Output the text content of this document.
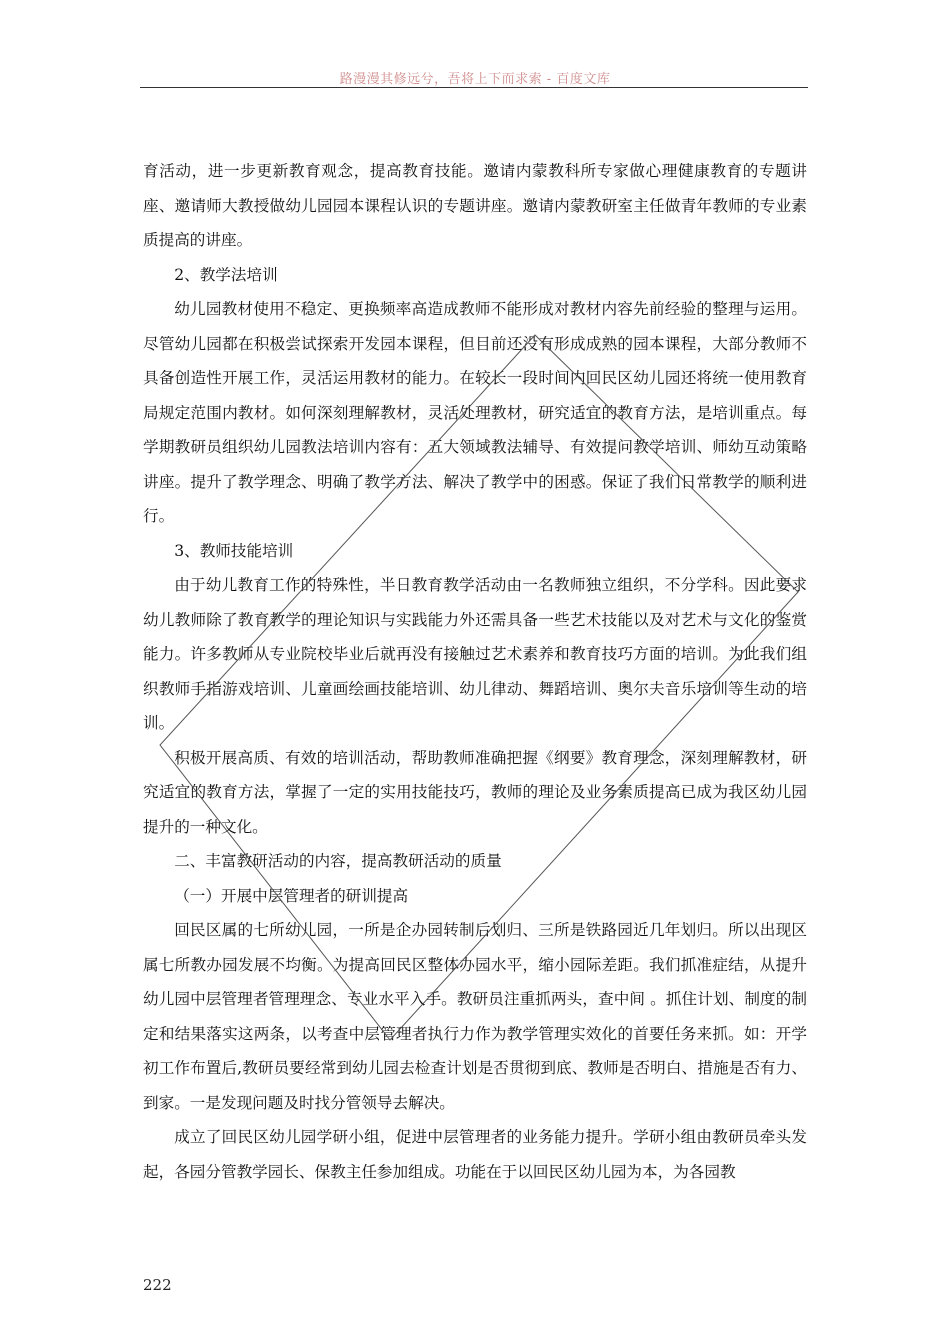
路漫漫其修远兮，吾将上下而求索 - 百度文库

育活动，进一步更新教育观念，提高教育技能。邀请内蒙教科所专家做心理健康教育的专题讲座、邀请师大教授做幼儿园园本课程认识的专题讲座。邀请内蒙教研室主任做青年教师的专业素质提高的讲座。

2、教学法培训

幼儿园教材使用不稳定、更换频率高造成教师不能形成对教材内容先前经验的整理与运用。尽管幼儿园都在积极尝试探索开发园本课程，但目前还没有形成成熟的园本课程，大部分教师不具备创造性开展工作，灵活运用教材的能力。在较长一段时间内回民区幼儿园还将统一使用教育局规定范围内教材。如何深刻理解教材，灵活处理教材，研究适宜的教育方法，是培训重点。每学期教研员组织幼儿园教法培训内容有：五大领域教法辅导、有效提问教学培训、师幼互动策略讲座。提升了教学理念、明确了教学方法、解决了教学中的困惑。保证了我们日常教学的顺利进行。

3、教师技能培训

由于幼儿教育工作的特殊性，半日教育教学活动由一名教师独立组织，不分学科。因此要求幼儿教师除了教育教学的理论知识与实践能力外还需具备一些艺术技能以及对艺术与文化的鉴赏能力。许多教师从专业院校毕业后就再没有接触过艺术素养和教育技巧方面的培训。为此我们组织教师手指游戏培训、儿童画绘画技能培训、幼儿律动、舞蹈培训、奥尔夫音乐培训等生动的培训。

积极开展高质、有效的培训活动，帮助教师准确把握《纲要》教育理念，深刻理解教材，研究适宜的教育方法，掌握了一定的实用技能技巧，教师的理论及业务素质提高已成为我区幼儿园提升的一种文化。

二、丰富教研活动的内容，提高教研活动的质量

（一）开展中层管理者的研训提高

回民区属的七所幼儿园，一所是企办园转制后划归、三所是铁路园近几年划归。所以出现区属七所教办园发展不均衡。为提高回民区整体办园水平，缩小园际差距。我们抓准症结，从提升幼儿园中层管理者管理理念、专业水平入手。教研员注重抓两头，查中间 。抓住计划、制度的制定和结果落实这两条，以考查中层管理者执行力作为教学管理实效化的首要任务来抓。如：开学初工作布置后,教研员要经常到幼儿园去检查计划是否贯彻到底、教师是否明白、措施是否有力、到家。一是发现问题及时找分管领导去解决。

成立了回民区幼儿园学研小组，促进中层管理者的业务能力提升。学研小组由教研员牵头发起，各园分管教学园长、保教主任参加组成。功能在于以回民区幼儿园为本，为各园教

222
